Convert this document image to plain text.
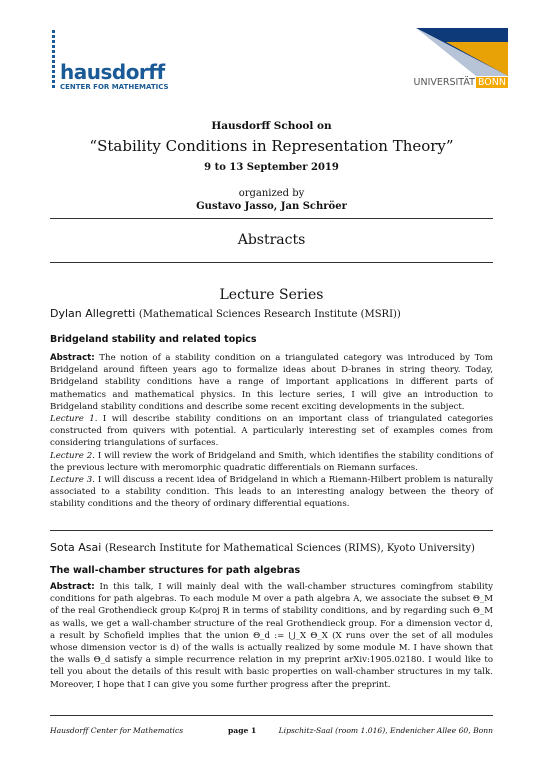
hausdorff
CENTER FOR MATHEMATICS	UNIVERSITÄT BONN
Hausdorff School on
“Stability Conditions in Representation Theory”
9 to 13 September 2019
organized by
Gustavo Jasso, Jan Schröer
Abstracts
Lecture Series
Dylan Allegretti (Mathematical Sciences Research Institute (MSRI))
Bridgeland stability and related topics
Abstract: The notion of a stability condition on a triangulated category was introduced by Tom Bridgeland around fifteen years ago to formalize ideas about D-branes in string theory. Today, Bridgeland stability conditions have a range of important applications in different parts of mathematics and mathematical physics. In this lecture series, I will give an introduction to Bridgeland stability conditions and describe some recent exciting developments in the subject.
Lecture 1. I will describe stability conditions on an important class of triangulated categories constructed from quivers with potential. A particularly interesting set of examples comes from considering triangulations of surfaces.
Lecture 2. I will review the work of Bridgeland and Smith, which identifies the stability conditions of the previous lecture with meromorphic quadratic differentials on Riemann surfaces.
Lecture 3. I will discuss a recent idea of Bridgeland in which a Riemann-Hilbert problem is naturally associated to a stability condition. This leads to an interesting analogy between the theory of stability conditions and the theory of ordinary differential equations.
Sota Asai (Research Institute for Mathematical Sciences (RIMS), Kyoto University)
The wall-chamber structures for path algebras
Abstract: In this talk, I will mainly deal with the wall-chamber structures comingfrom stability conditions for path algebras. To each module M over a path algebra A, we associate the subset Θ_M of the real Grothendieck group K₀(proj R in terms of stability conditions, and by regarding such Θ_M as walls, we get a wall-chamber structure of the real Grothendieck group. For a dimension vector d, a result by Schofield implies that the union Θ_d := ⋃_X Θ_X (X runs over the set of all modules whose dimension vector is d) of the walls is actually realized by some module M. I have shown that the walls Θ_d satisfy a simple recurrence relation in my preprint arXiv:1905.02180. I would like to tell you about the details of this result with basic properties on wall-chamber structures in my talk. Moreover, I hope that I can give you some further progress after the preprint.
Hausdorff Center for Mathematics	page 1	Lipschitz-Saal (room 1.016), Endenicher Allee 60, Bonn
